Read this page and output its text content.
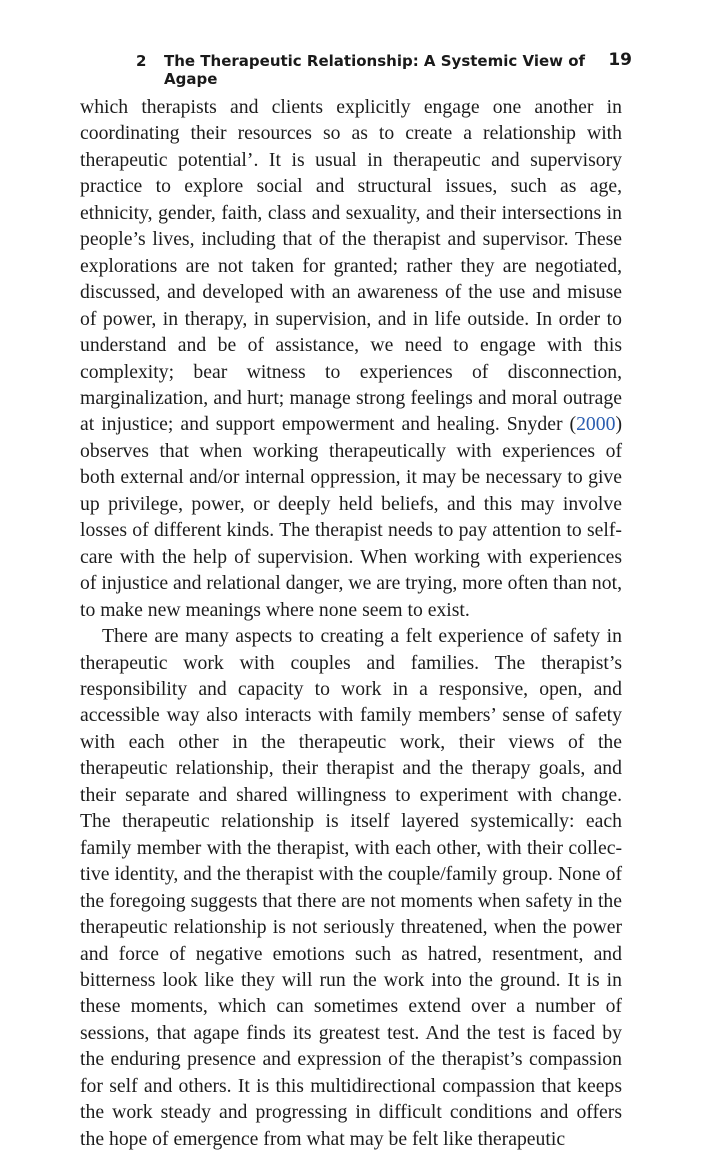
2 The Therapeutic Relationship: A Systemic View of Agape
19

which therapists and clients explicitly engage one another in coordinating their resources so as to create a relationship with therapeutic potential’. It is usual in therapeutic and supervisory practice to explore social and structural issues, such as age, ethnicity, gender, faith, class and sexuality, and their intersections in people’s lives, including that of the therapist and supervisor. These explorations are not taken for granted; rather they are negotiated, discussed, and developed with an awareness of the use and misuse of power, in therapy, in supervision, and in life outside. In order to understand and be of assistance, we need to engage with this complexity; bear witness to experiences of disconnection, marginalization, and hurt; manage strong feelings and moral outrage at injustice; and support empowerment and healing. Snyder (2000) observes that when working therapeutically with experiences of both external and/or internal oppression, it may be necessary to give up privilege, power, or deeply held beliefs, and this may involve losses of different kinds. The therapist needs to pay attention to self-care with the help of supervision. When working with experiences of injustice and relational danger, we are trying, more often than not, to make new meanings where none seem to exist.

There are many aspects to creating a felt experience of safety in therapeutic work with couples and families. The therapist’s responsibility and capacity to work in a responsive, open, and accessible way also interacts with family members’ sense of safety with each other in the therapeutic work, their views of the therapeutic relationship, their therapist and the therapy goals, and their separate and shared willingness to experiment with change. The therapeutic relationship is itself layered systemically: each family member with the therapist, with each other, with their collective identity, and the therapist with the couple/family group. None of the foregoing suggests that there are not moments when safety in the therapeutic relationship is not seriously threatened, when the power and force of negative emotions such as hatred, resentment, and bitterness look like they will run the work into the ground. It is in these moments, which can sometimes extend over a number of sessions, that agape finds its greatest test. And the test is faced by the enduring presence and expression of the therapist’s compassion for self and others. It is this multidirectional compassion that keeps the work steady and progressing in difficult conditions and offers the hope of emergence from what may be felt like therapeutic
